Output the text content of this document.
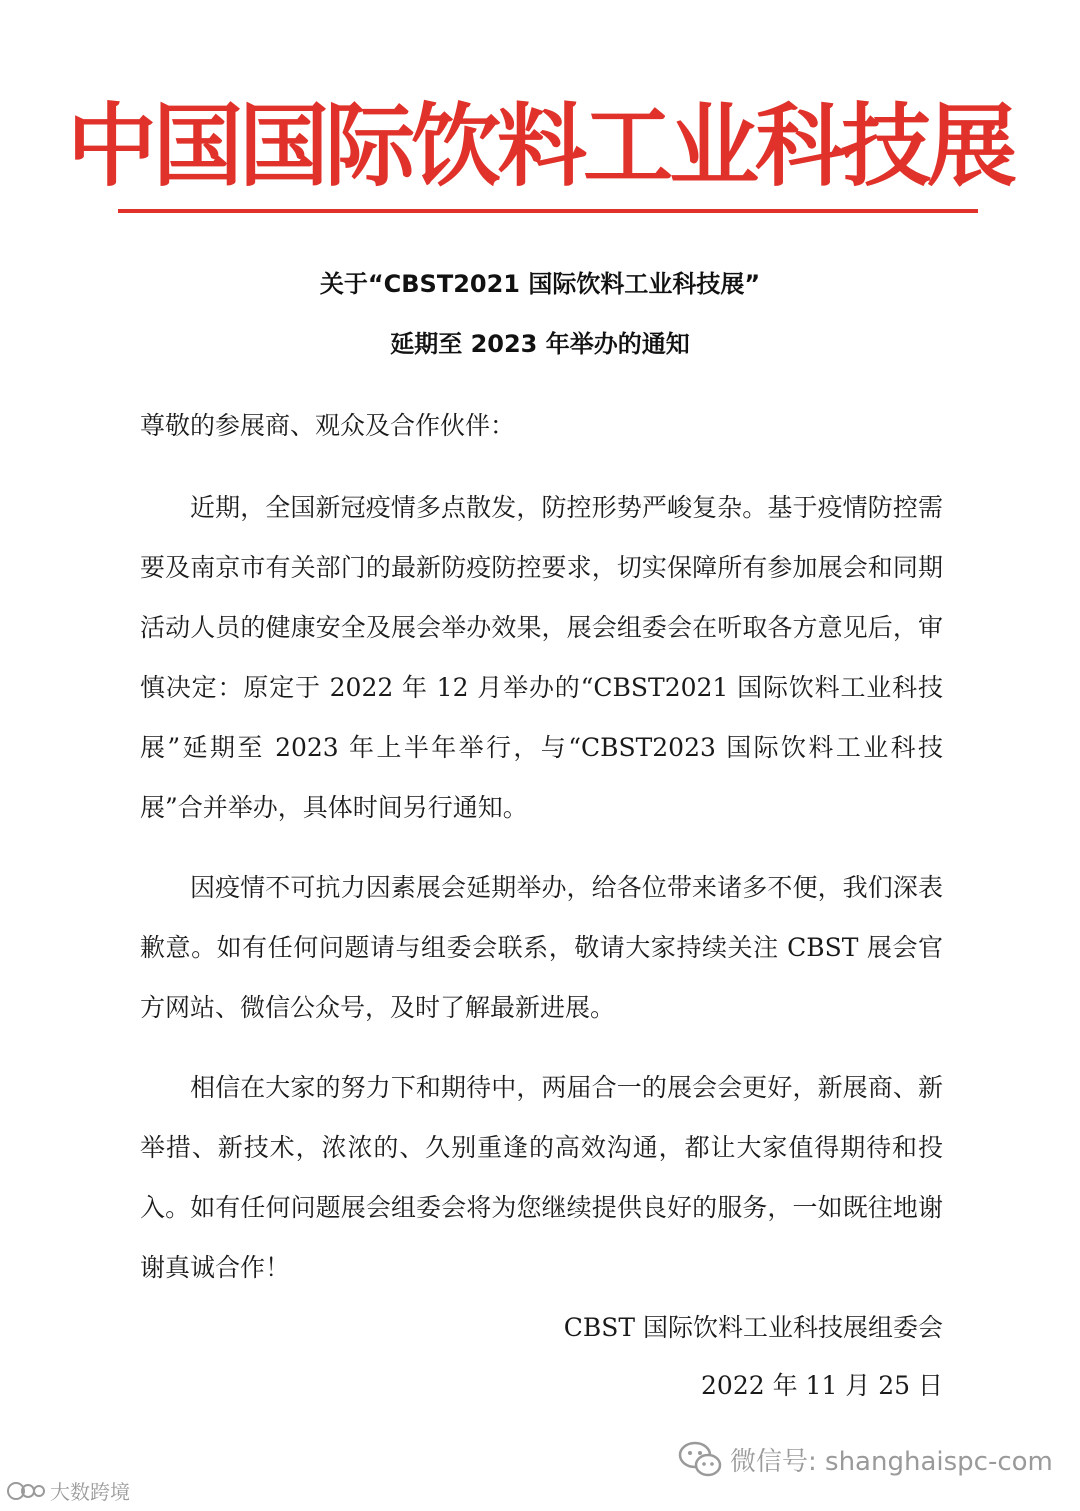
中国国际饮料工业科技展
关于“CBST2021 国际饮料工业科技展”
延期至 2023 年举办的通知
尊敬的参展商、观众及合作伙伴：

近期，全国新冠疫情多点散发，防控形势严峻复杂。基于疫情防控需要及南京市有关部门的最新防疫防控要求，切实保障所有参加展会和同期活动人员的健康安全及展会举办效果，展会组委会在听取各方意见后，审慎决定：原定于 2022 年 12 月举办的“CBST2021 国际饮料工业科技展”延期至 2023 年上半年举行，与“CBST2023 国际饮料工业科技展”合并举办，具体时间另行通知。

因疫情不可抗力因素展会延期举办，给各位带来诸多不便，我们深表歉意。如有任何问题请与组委会联系，敬请大家持续关注 CBST 展会官方网站、微信公众号，及时了解最新进展。

相信在大家的努力下和期待中，两届合一的展会会更好，新展商、新举措、新技术，浓浓的、久别重逢的高效沟通，都让大家值得期待和投入。如有任何问题展会组委会将为您继续提供良好的服务，一如既往地谢谢真诚合作！

CBST 国际饮料工业科技展组委会
2022 年 11 月 25 日
微信号: shanghaispc-com
大数跨境
